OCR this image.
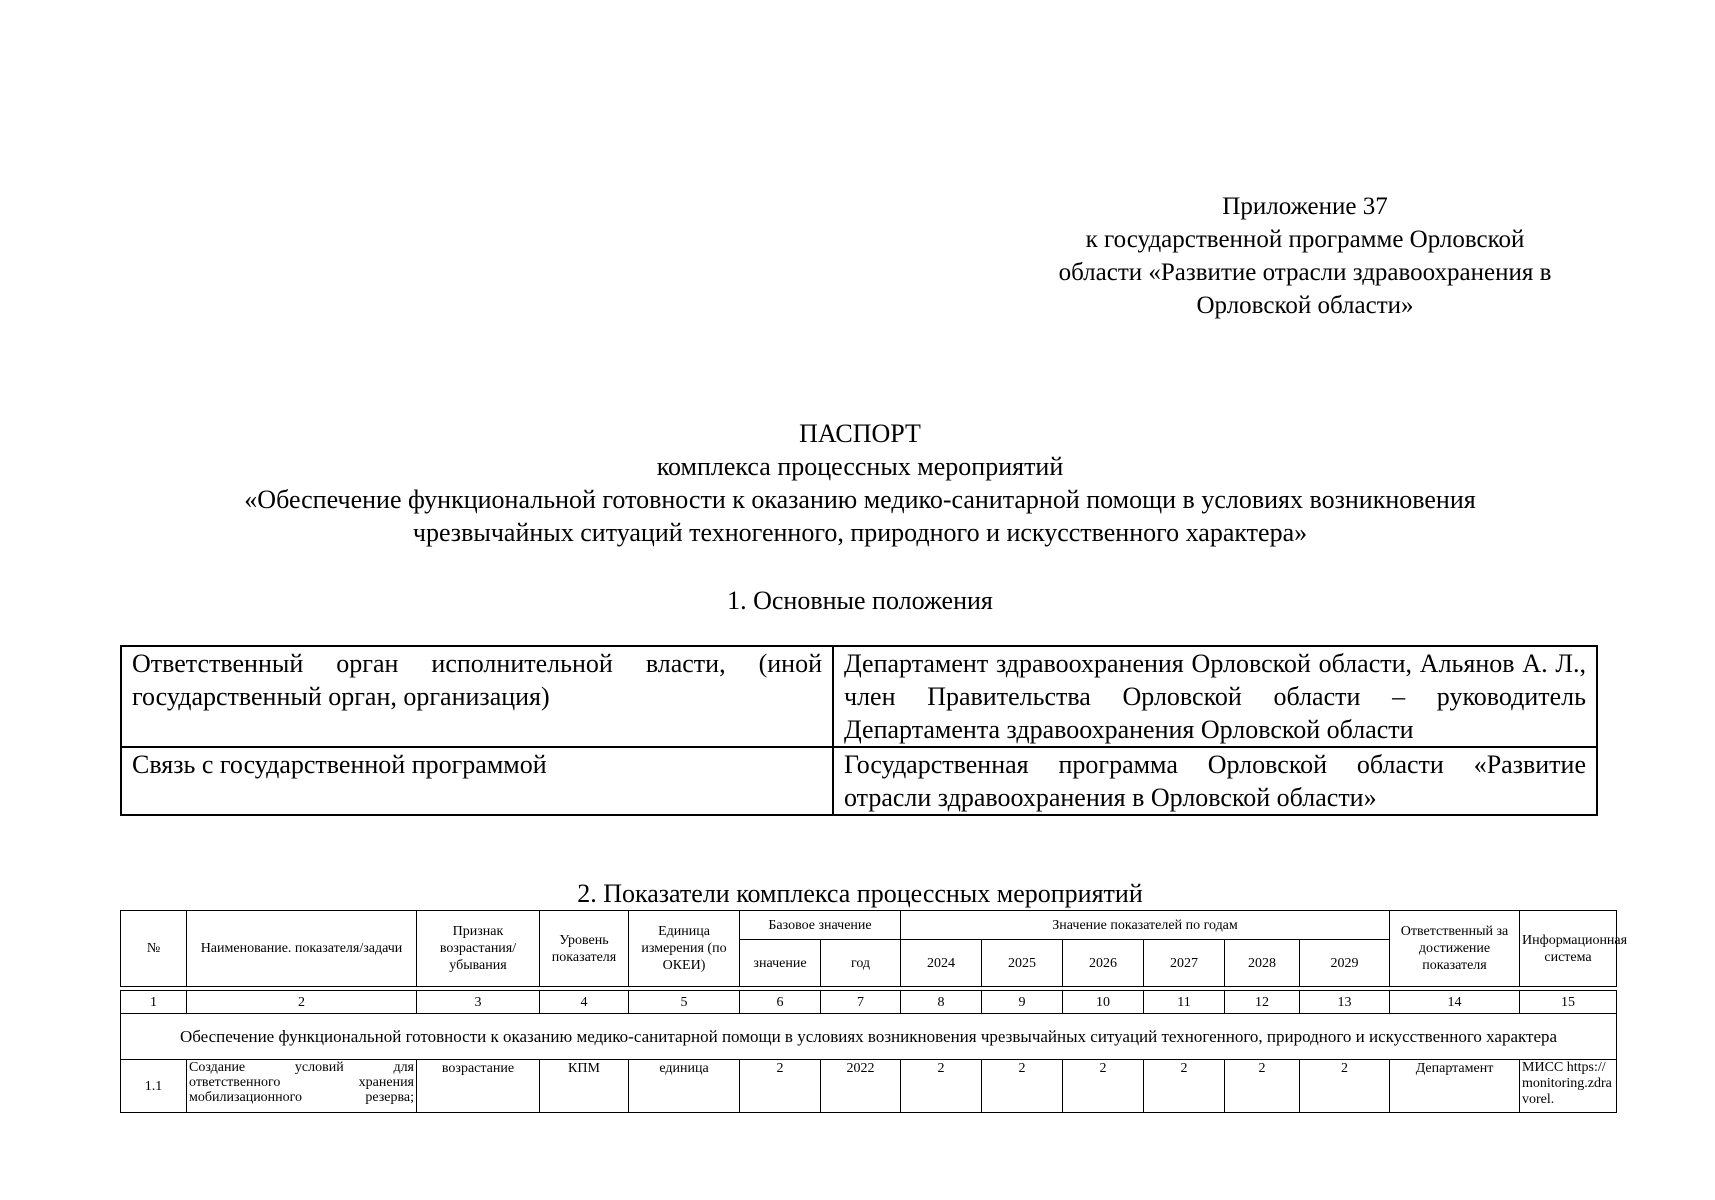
Приложение 37
к государственной программе Орловской
области «Развитие отрасли здравоохранения в
Орловской области»
ПАСПОРТ
комплекса процессных мероприятий
«Обеспечение функциональной готовности к оказанию медико-санитарной помощи в условиях возникновения
чрезвычайных ситуаций техногенного, природного и искусственного характера»
1. Основные положения
Ответственный орган исполнительной власти, (иной государственный орган, организация)	Департамент здравоохранения Орловской области, Альянов А. Л., член Правительства Орловской области – руководитель Департамента здравоохранения Орловской области
Связь с государственной программой	Государственная программа Орловской области «Развитие отрасли здравоохранения в Орловской области»
2. Показатели комплекса процессных мероприятий
№	Наименование. показателя/задачи	Признак возрастания/ убывания	Уровень показателя	Единица измерения (по ОКЕИ)	Базовое значение		Значение показателей по годам						Ответственный за достижение показателя	Информационная система
					значение	год	2024	2025	2026	2027	2028	2029		

1	2	3	4	5	6	7	8	9	10	11	12	13	14	15
Обеспечение функциональной готовности к оказанию медико-санитарной помощи в условиях возникновения чрезвычайных ситуаций техногенного, природного и искусственного характера														
1.1	Создание условий для ответственного хранения мобилизационного резерва;	возрастание	КПМ	единица	2	2022	2	2	2	2	2	2	Департамент	МИСС https://monitoring.zdravorel.
